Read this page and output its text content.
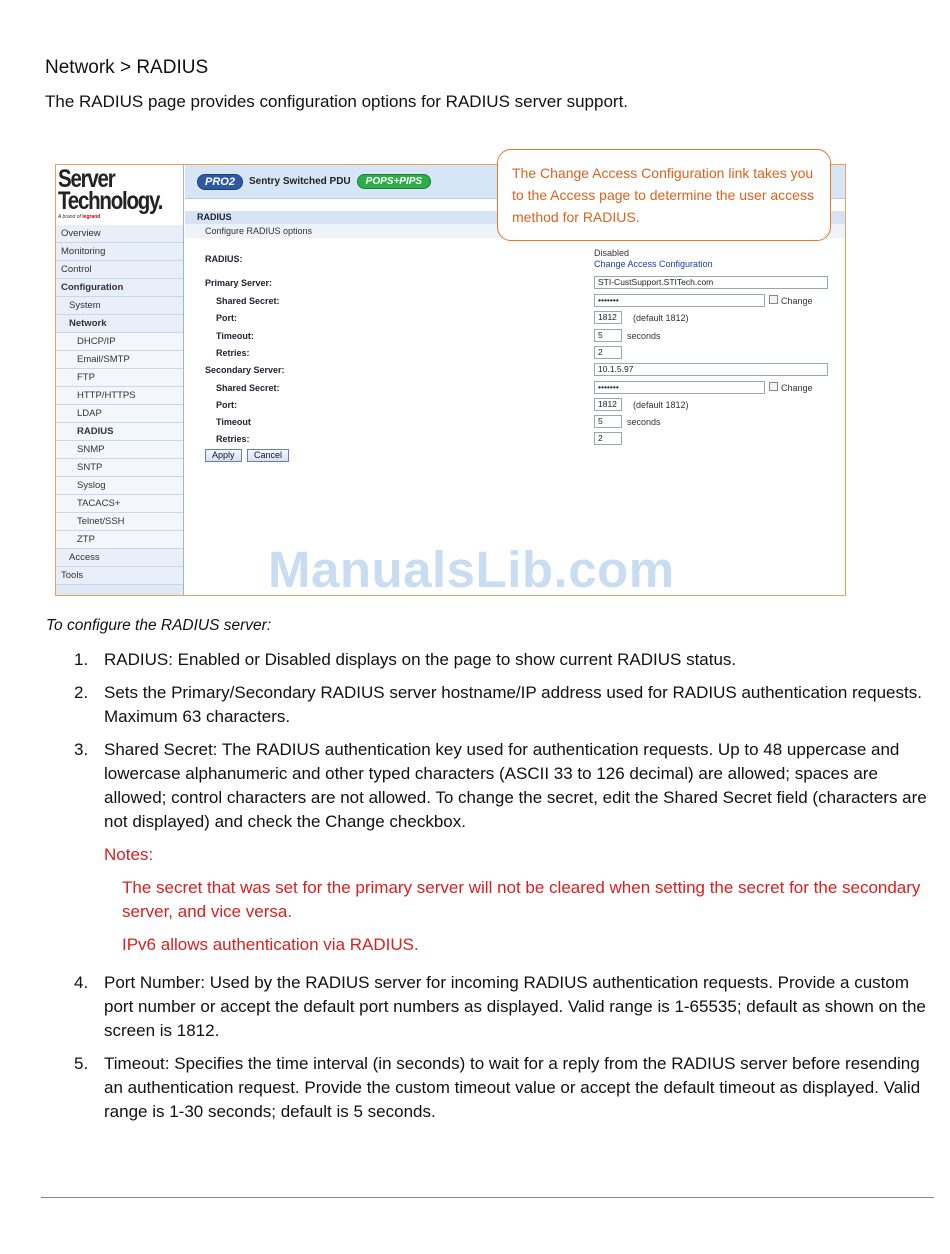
Network > RADIUS
The RADIUS page provides configuration options for RADIUS server support.
Server
Technology.
A brand of legrand
Overview
Monitoring
Control
Configuration
System
Network
DHCP/IP
Email/SMTP
FTP
HTTP/HTTPS
LDAP
RADIUS
SNMP
SNTP
Syslog
TACACS+
Telnet/SSH
ZTP
Access
Tools
PRO2	Sentry Switched PDU	POPS+PIPS
RADIUS
Configure RADIUS options
RADIUS:
Disabled
Change Access Configuration
Primary Server:	STI-CustSupport.STITech.com
Shared Secret:	•••••••	Change
Port:	1812	(default 1812)
Timeout:	5	seconds
Retries:	2
Secondary Server:	10.1.5.97
Shared Secret:	•••••••	Change
Port:	1812	(default 1812)
Timeout	5	seconds
Retries:	2
Apply	Cancel
ManualsLib.com
The Change Access Configuration link takes you to the Access page to determine the user access method for RADIUS.
To configure the RADIUS server:
1. RADIUS: Enabled or Disabled displays on the page to show current RADIUS status.
2. Sets the Primary/Secondary RADIUS server hostname/IP address used for RADIUS authentication requests. Maximum 63 characters.
3. Shared Secret: The RADIUS authentication key used for authentication requests. Up to 48 uppercase and lowercase alphanumeric and other typed characters (ASCII 33 to 126 decimal) are allowed; spaces are allowed; control characters are not allowed. To change the secret, edit the Shared Secret field (characters are not displayed) and check the Change checkbox.
Notes:
The secret that was set for the primary server will not be cleared when setting the secret for the secondary server, and vice versa.
IPv6 allows authentication via RADIUS.
4. Port Number: Used by the RADIUS server for incoming RADIUS authentication requests. Provide a custom port number or accept the default port numbers as displayed. Valid range is 1-65535; default as shown on the screen is 1812.
5. Timeout: Specifies the time interval (in seconds) to wait for a reply from the RADIUS server before resending an authentication request. Provide the custom timeout value or accept the default timeout as displayed. Valid range is 1-30 seconds; default is 5 seconds.
